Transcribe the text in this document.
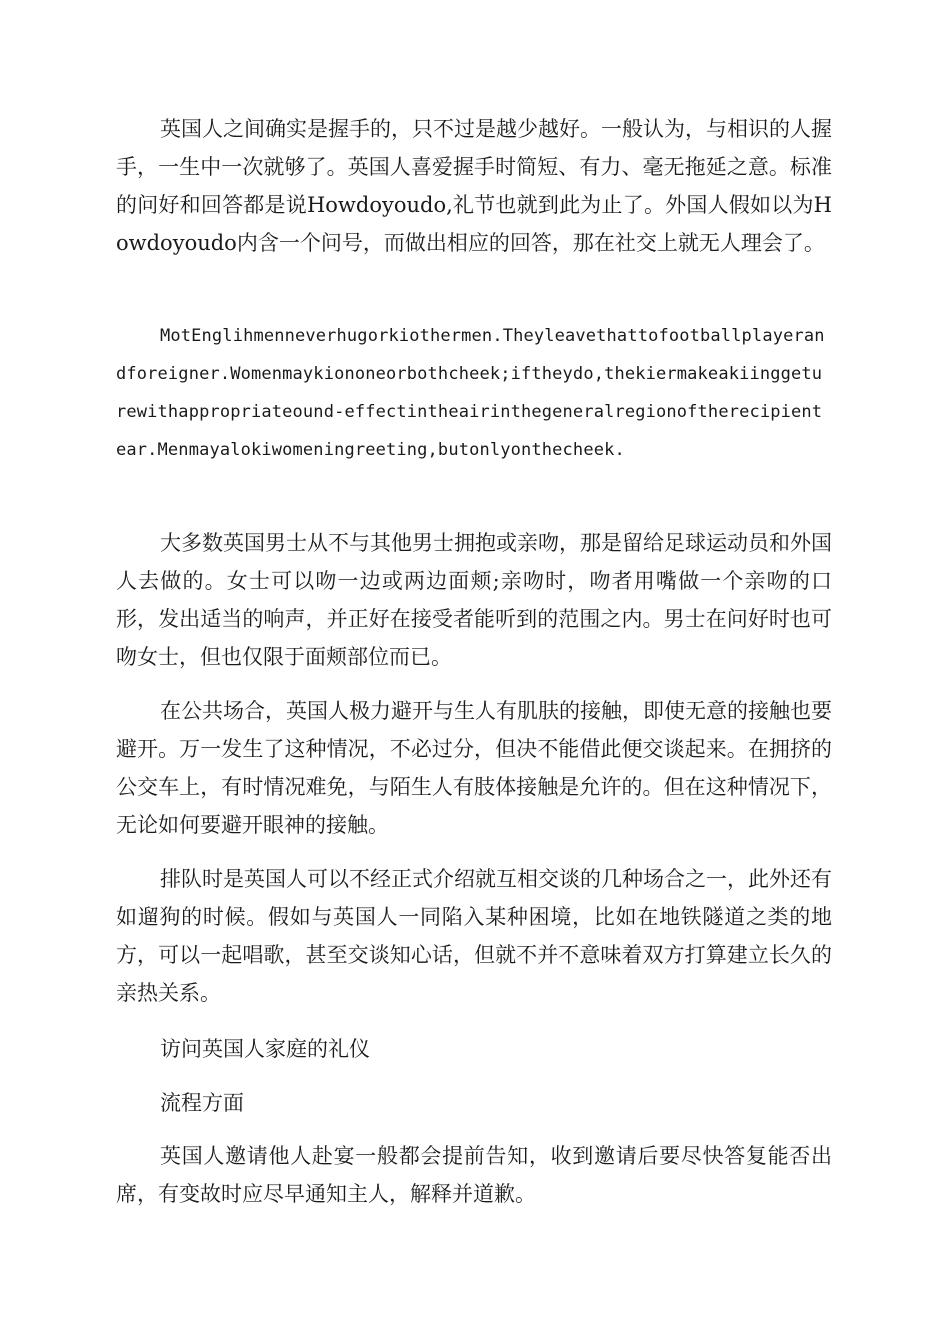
英国人之间确实是握手的，只不过是越少越好。一般认为，与相识的人握手，一生中一次就够了。英国人喜爱握手时简短、有力、毫无拖延之意。标准的问好和回答都是说Howdoyoudo,礼节也就到此为止了。外国人假如以为Howdoyoudo内含一个问号，而做出相应的回答，那在社交上就无人理会了。

MotEnglihmenneverhugorkiothermen.Theyleavethattofootballplayerandforeigner.Womenmaykiononeorbothcheek;iftheydo,thekiermakeakiinggeturewithappropriateound-effectintheairinthegeneralregionoftherecipientear.Menmayalokiwomeningreeting,butonlyonthecheek.

大多数英国男士从不与其他男士拥抱或亲吻，那是留给足球运动员和外国人去做的。女士可以吻一边或两边面颊;亲吻时，吻者用嘴做一个亲吻的口形，发出适当的响声，并正好在接受者能听到的范围之内。男士在问好时也可吻女士，但也仅限于面颊部位而已。

在公共场合，英国人极力避开与生人有肌肤的接触，即使无意的接触也要避开。万一发生了这种情况，不必过分，但决不能借此便交谈起来。在拥挤的公交车上，有时情况难免，与陌生人有肢体接触是允许的。但在这种情况下，无论如何要避开眼神的接触。

排队时是英国人可以不经正式介绍就互相交谈的几种场合之一，此外还有如遛狗的时候。假如与英国人一同陷入某种困境，比如在地铁隧道之类的地方，可以一起唱歌，甚至交谈知心话，但就不并不意味着双方打算建立长久的亲热关系。

访问英国人家庭的礼仪

流程方面

英国人邀请他人赴宴一般都会提前告知，收到邀请后要尽快答复能否出席，有变故时应尽早通知主人，解释并道歉。
